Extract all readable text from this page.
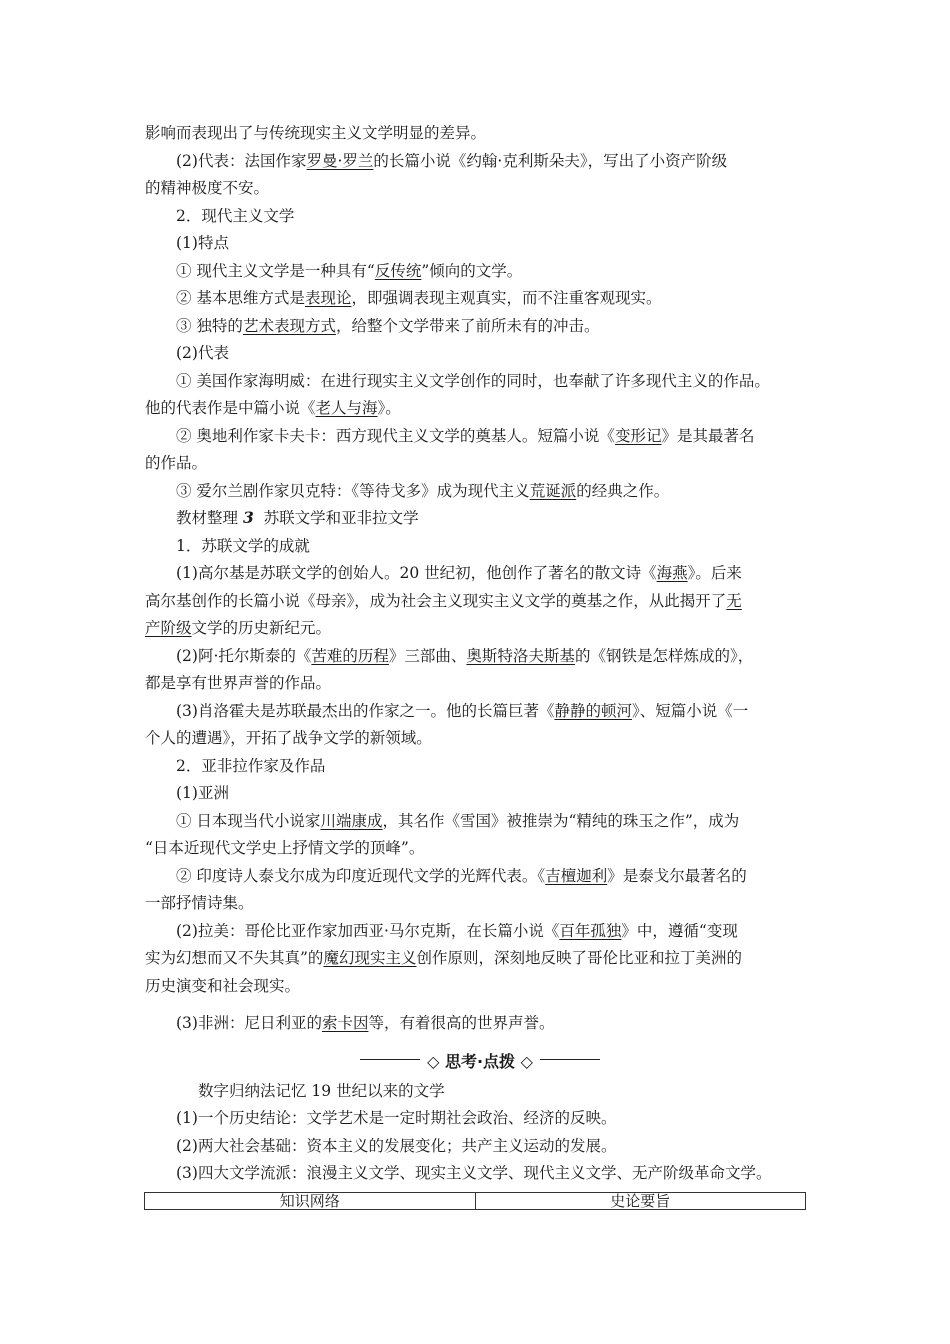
影响而表现出了与传统现实主义文学明显的差异。
(2)代表：法国作家罗曼·罗兰的长篇小说《约翰·克利斯朵夫》，写出了小资产阶级
的精神极度不安。
2．现代主义文学
(1)特点
① 现代主义文学是一种具有“反传统”倾向的文学。
② 基本思维方式是表现论，即强调表现主观真实，而不注重客观现实。
③ 独特的艺术表现方式，给整个文学带来了前所未有的冲击。
(2)代表
① 美国作家海明威：在进行现实主义文学创作的同时，也奉献了许多现代主义的作品。
他的代表作是中篇小说《老人与海》。
② 奥地利作家卡夫卡：西方现代主义文学的奠基人。短篇小说《变形记》是其最著名
的作品。
③ 爱尔兰剧作家贝克特：《等待戈多》成为现代主义荒诞派的经典之作。
教材整理 3 苏联文学和亚非拉文学
1．苏联文学的成就
(1)高尔基是苏联文学的创始人。20 世纪初，他创作了著名的散文诗《海燕》。后来
高尔基创作的长篇小说《母亲》，成为社会主义现实主义文学的奠基之作，从此揭开了无
产阶级文学的历史新纪元。
(2)阿·托尔斯泰的《苦难的历程》三部曲、奥斯特洛夫斯基的《钢铁是怎样炼成的》，
都是享有世界声誉的作品。
(3)肖洛霍夫是苏联最杰出的作家之一。他的长篇巨著《静静的顿河》、短篇小说《一
个人的遭遇》，开拓了战争文学的新领域。
2．亚非拉作家及作品
(1)亚洲
① 日本现当代小说家川端康成，其名作《雪国》被推崇为“精纯的珠玉之作”，成为
“日本近现代文学史上抒情文学的顶峰”。
② 印度诗人泰戈尔成为印度近现代文学的光辉代表。《吉檀迦利》是泰戈尔最著名的
一部抒情诗集。
(2)拉美：哥伦比亚作家加西亚·马尔克斯，在长篇小说《百年孤独》中，遵循“变现
实为幻想而又不失其真”的魔幻现实主义创作原则，深刻地反映了哥伦比亚和拉丁美洲的
历史演变和社会现实。
(3)非洲：尼日利亚的索卡因等，有着很高的世界声誉。
◇ 思考·点拨 ◇
数字归纳法记忆 19 世纪以来的文学
(1)一个历史结论：文学艺术是一定时期社会政治、经济的反映。
(2)两大社会基础：资本主义的发展变化；共产主义运动的发展。
(3)四大文学流派：浪漫主义文学、现实主义文学、现代主义文学、无产阶级革命文学。
知识网络	史论要旨
